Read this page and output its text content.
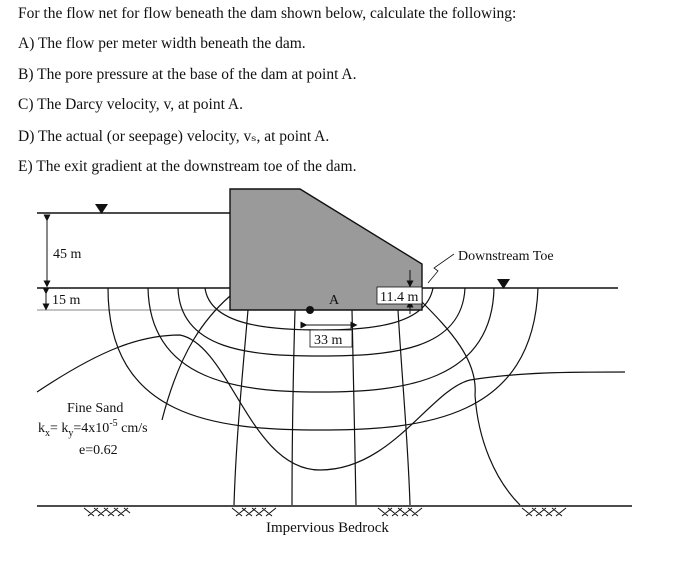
For the flow net for flow beneath the dam shown below, calculate the following:
A) The flow per meter width beneath the dam.
B) The pore pressure at the base of the dam at point A.
C) The Darcy velocity, v, at point A.
D) The actual (or seepage) velocity, vₛ, at point A.
E) The exit gradient at the downstream toe of the dam.
45 m
15 m	A
33 m
11.4 m
Downstream Toe
Fine Sand
$k_x= k_y=4x10^{-5}$ cm/s
e=0.62
Impervious Bedrock
